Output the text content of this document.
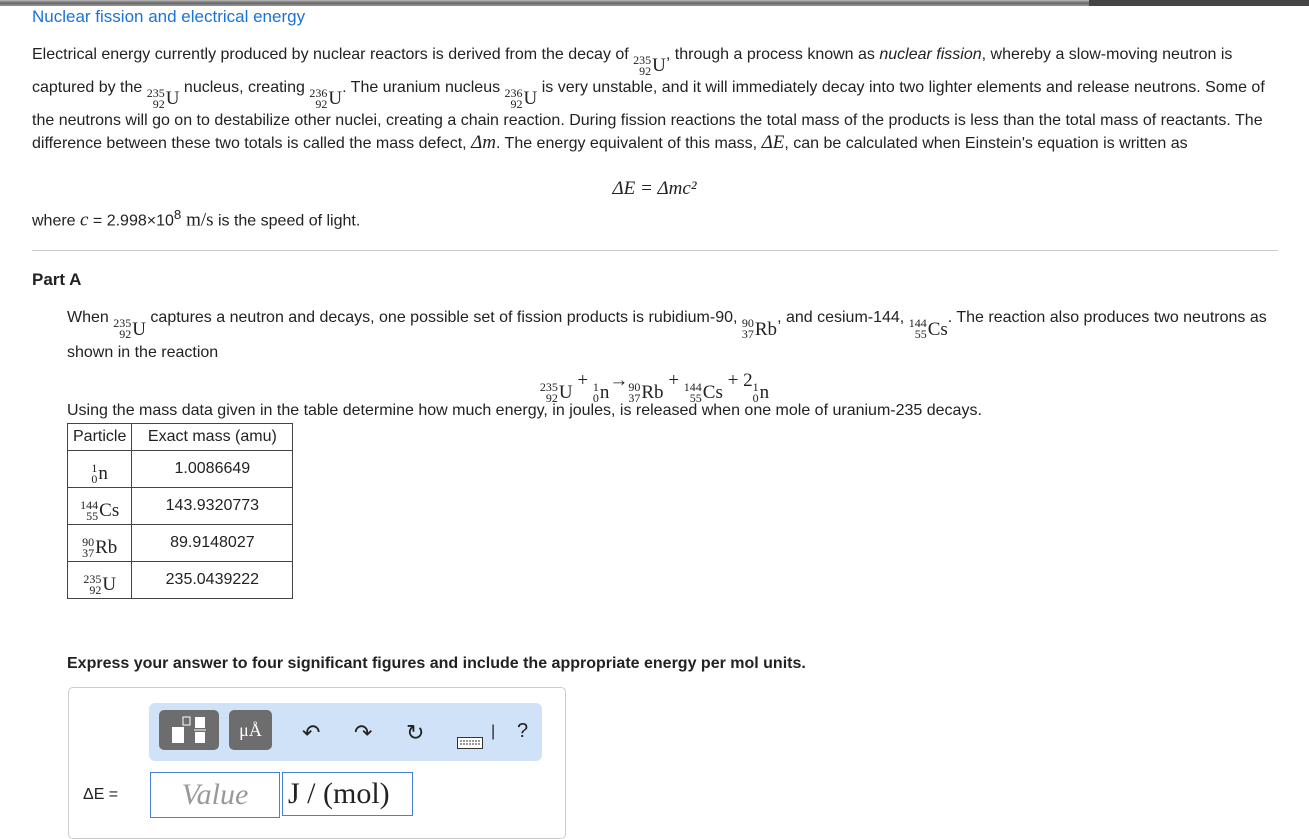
Nuclear fission and electrical energy
Electrical energy currently produced by nuclear reactors is derived from the decay of 235
92 U
, through a process known as nuclear fission, whereby a slow-moving neutron is captured by the 235
92 U
nucleus, creating 236
92 U
. The uranium nucleus 236
92 U
is very unstable, and it will immediately decay into two lighter elements and release neutrons. Some of the neutrons will go on to destabilize other nuclei, creating a chain reaction. During fission reactions the total mass of the products is less than the total mass of reactants. The difference between these two totals is called the mass defect, Δm. The energy equivalent of this mass, ΔE, can be calculated when Einstein's equation is written as
ΔE = Δmc²
where $c = 2.998\times 10^8$ m/s is the speed of light.
Part A
When 235
92 U
captures a neutron and decays, one possible set of fission products is rubidium-90, 90
37 Rb
, and cesium-144, 144
55 Cs
. The reaction also produces two neutrons as shown in the reaction
235
92 U
+ 1
0 n
→ 90
37 Rb
+ 144
55 Cs
+ 2 1
0 n
Using the mass data given in the table determine how much energy, in joules, is released when one mole of uranium-235 decays.
Particle	Exact mass (amu)

1
0 n	1.0086649

144
55 Cs	143.9320773

90
37 Rb	89.9148027

235
92 U	235.0439222
Express your answer to four significant figures and include the appropriate energy per mol units.
μÅ	↶ ↷ ↻	| ?
ΔE =	Value	J / (mol)
